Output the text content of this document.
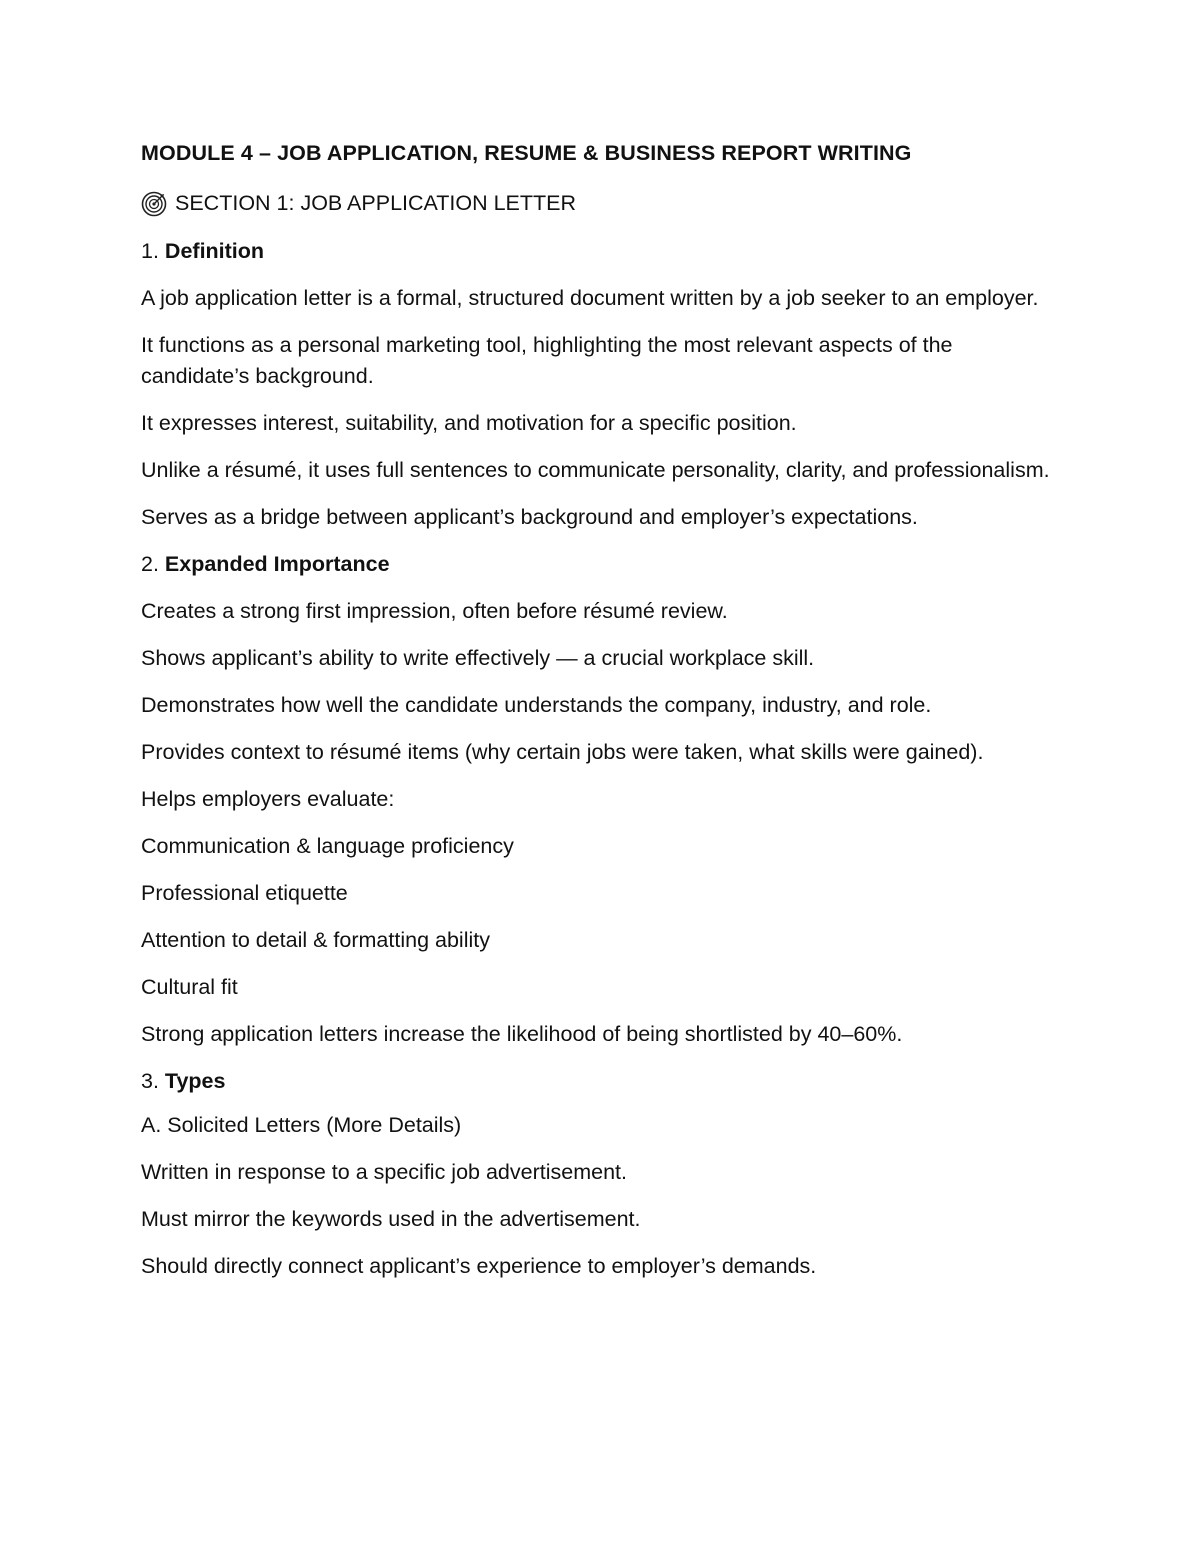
MODULE 4 – JOB APPLICATION, RESUME & BUSINESS REPORT WRITING
SECTION 1: JOB APPLICATION LETTER
1. Definition
A job application letter is a formal, structured document written by a job seeker to an employer.
It functions as a personal marketing tool, highlighting the most relevant aspects of the candidate’s background.
It expresses interest, suitability, and motivation for a specific position.
Unlike a résumé, it uses full sentences to communicate personality, clarity, and professionalism.
Serves as a bridge between applicant’s background and employer’s expectations.
2. Expanded Importance
Creates a strong first impression, often before résumé review.
Shows applicant’s ability to write effectively — a crucial workplace skill.
Demonstrates how well the candidate understands the company, industry, and role.
Provides context to résumé items (why certain jobs were taken, what skills were gained).
Helps employers evaluate:
Communication & language proficiency
Professional etiquette
Attention to detail & formatting ability
Cultural fit
Strong application letters increase the likelihood of being shortlisted by 40–60%.
3. Types
A. Solicited Letters (More Details)
Written in response to a specific job advertisement.
Must mirror the keywords used in the advertisement.
Should directly connect applicant’s experience to employer’s demands.
